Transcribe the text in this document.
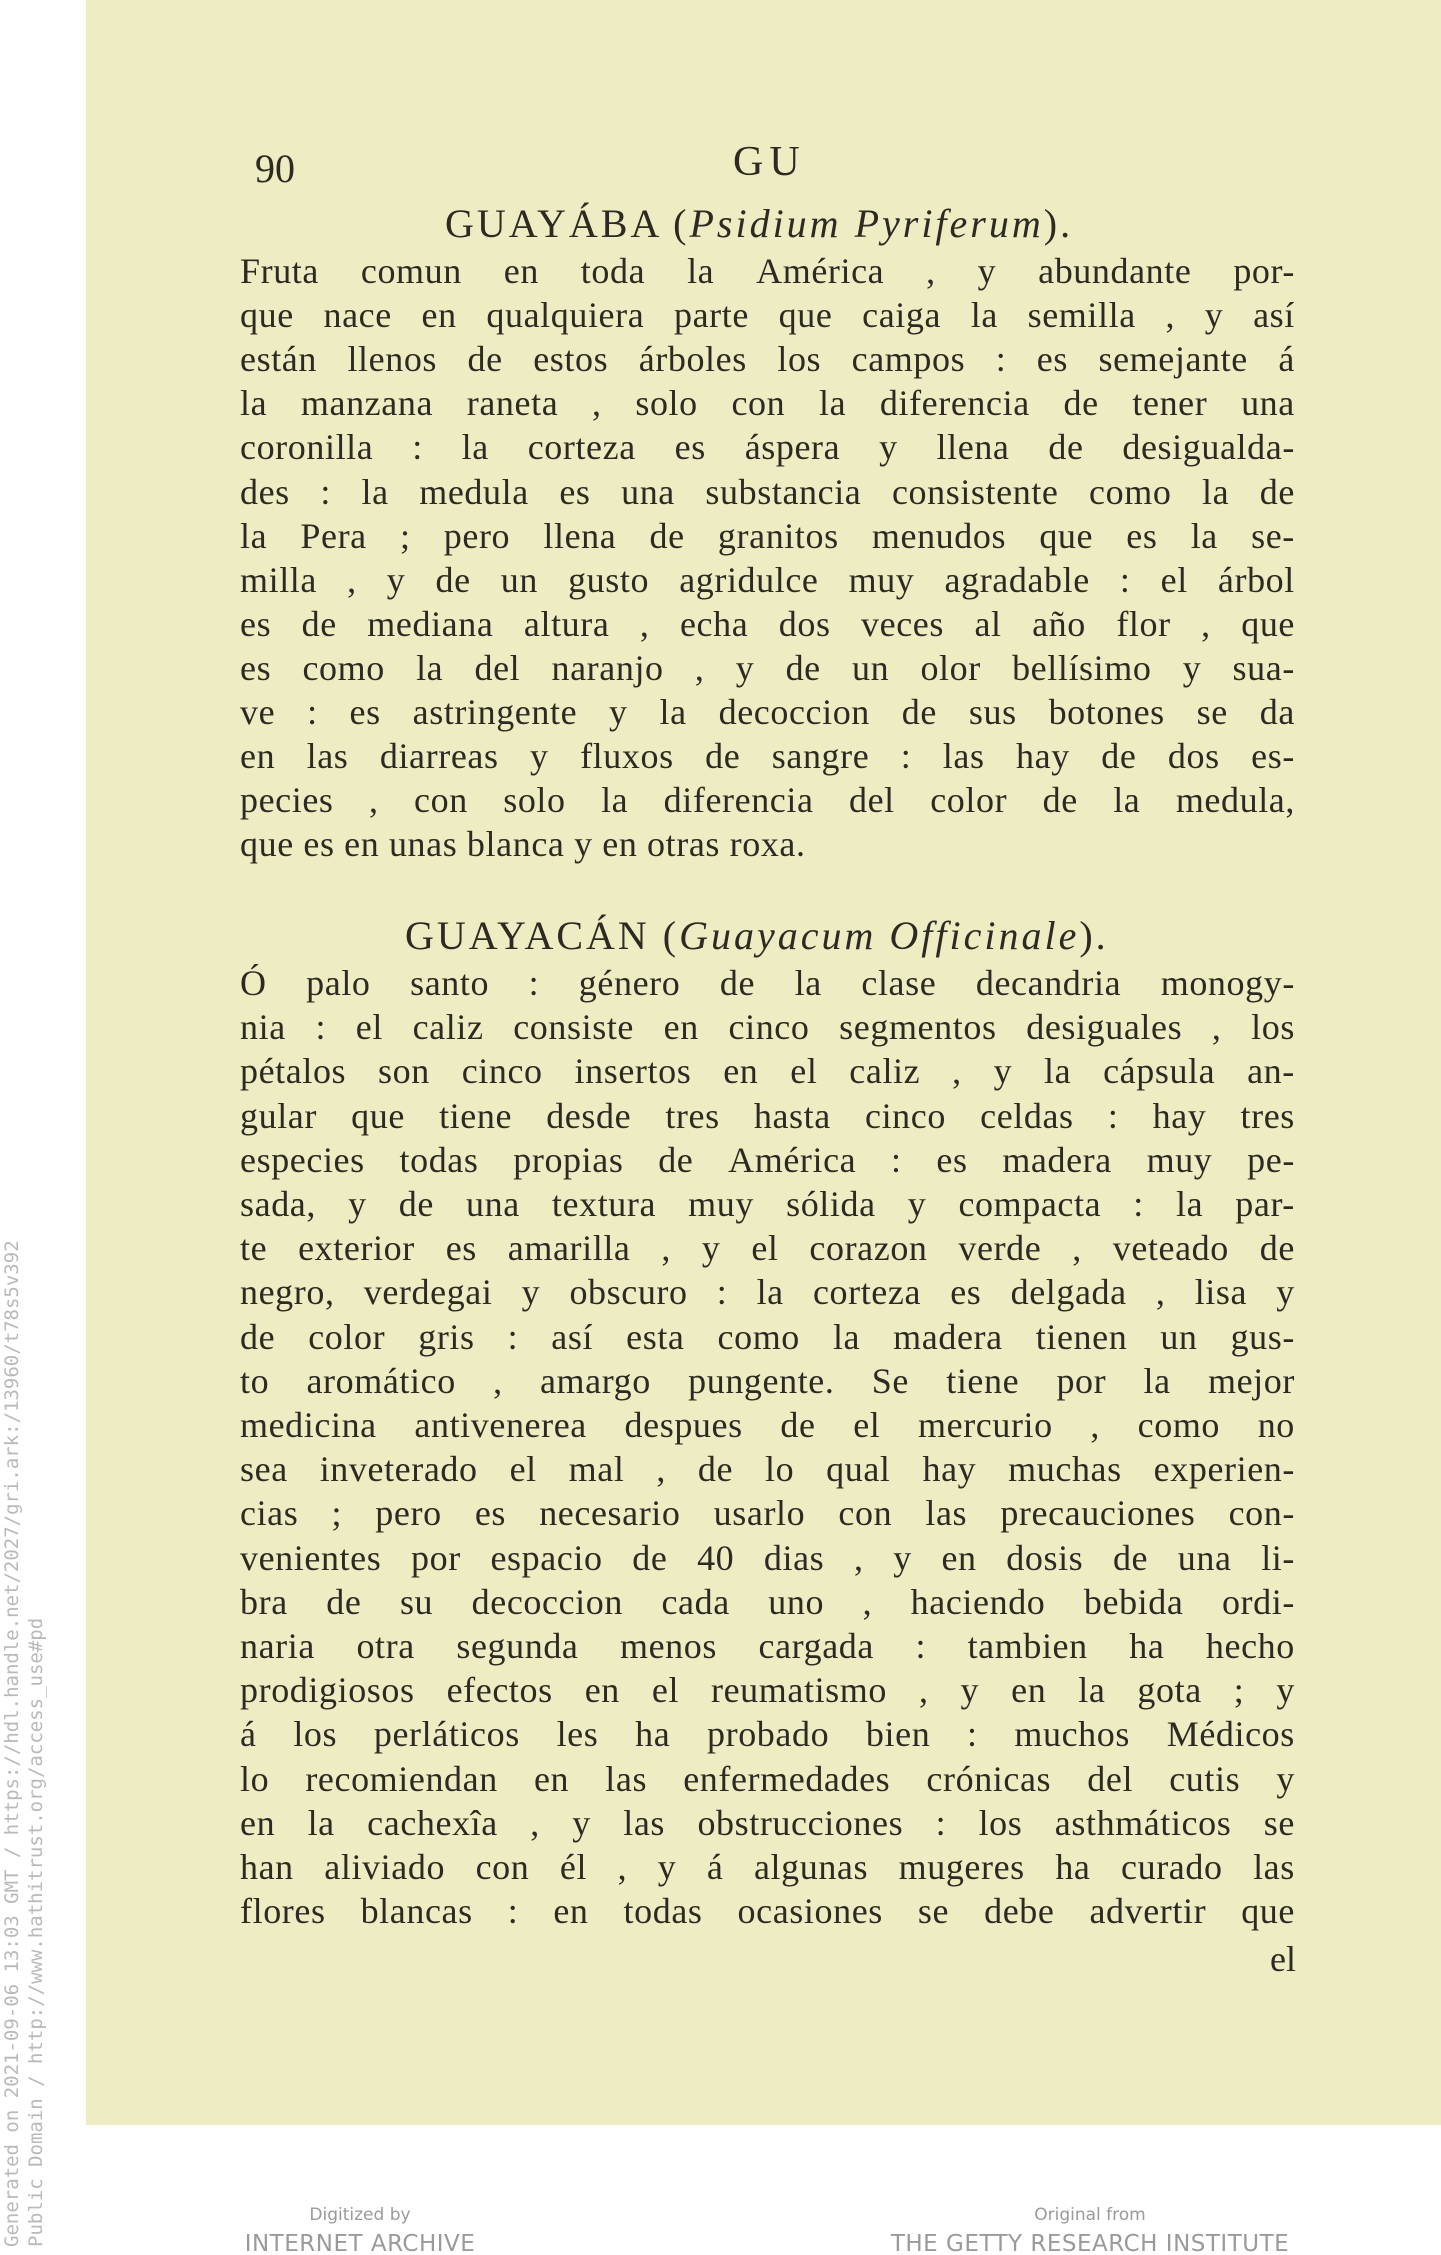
90	GU
GUAYÁBA (Psidium Pyriferum).
GUAYACÁN (Guayacum Officinale).
Fruta comun en toda la América , y abundante por-
que nace en qualquiera parte que caiga la semilla , y así
están llenos de estos árboles los campos : es semejante á
la manzana raneta , solo con la diferencia de tener una
coronilla : la corteza es áspera y llena de desigualda-
des : la medula es una substancia consistente como la de
la Pera ; pero llena de granitos menudos que es la se-
milla , y de un gusto agridulce muy agradable : el árbol
es de mediana altura , echa dos veces al año flor , que
es como la del naranjo , y de un olor bellísimo y sua-
ve : es astringente y la decoccion de sus botones se da
en las diarreas y fluxos de sangre : las hay de dos es-
pecies , con solo la diferencia del color de la medula,
que es en unas blanca y en otras roxa.
Ó palo santo : género de la clase decandria monogy-
nia : el caliz consiste en cinco segmentos desiguales , los
pétalos son cinco insertos en el caliz , y la cápsula an-
gular que tiene desde tres hasta cinco celdas : hay tres
especies todas propias de América : es madera muy pe-
sada, y de una textura muy sólida y compacta : la par-
te exterior es amarilla , y el corazon verde , veteado de
negro, verdegai y obscuro : la corteza es delgada , lisa y
de color gris : así esta como la madera tienen un gus-
to aromático , amargo pungente. Se tiene por la mejor
medicina antivenerea despues de el mercurio , como no
sea inveterado el mal , de lo qual hay muchas experien-
cias ; pero es necesario usarlo con las precauciones con-
venientes por espacio de 40 dias , y en dosis de una li-
bra de su decoccion cada uno , haciendo bebida ordi-
naria otra segunda menos cargada : tambien ha hecho
prodigiosos efectos en el reumatismo , y en la gota ; y
á los perláticos les ha probado bien : muchos Médicos
lo recomiendan en las enfermedades crónicas del cutis y
en la cachexîa , y las obstrucciones : los asthmáticos se
han aliviado con él , y á algunas mugeres ha curado las
flores blancas : en todas ocasiones se debe advertir que
el
Generated on 2021-09-06 13:03 GMT / https://hdl.handle.net/2027/gri.ark:/13960/t78s5v392 Public Domain / http://www.hathitrust.org/access_use#pd	Digitized by
INTERNET ARCHIVE
Original from
THE GETTY RESEARCH INSTITUTE
